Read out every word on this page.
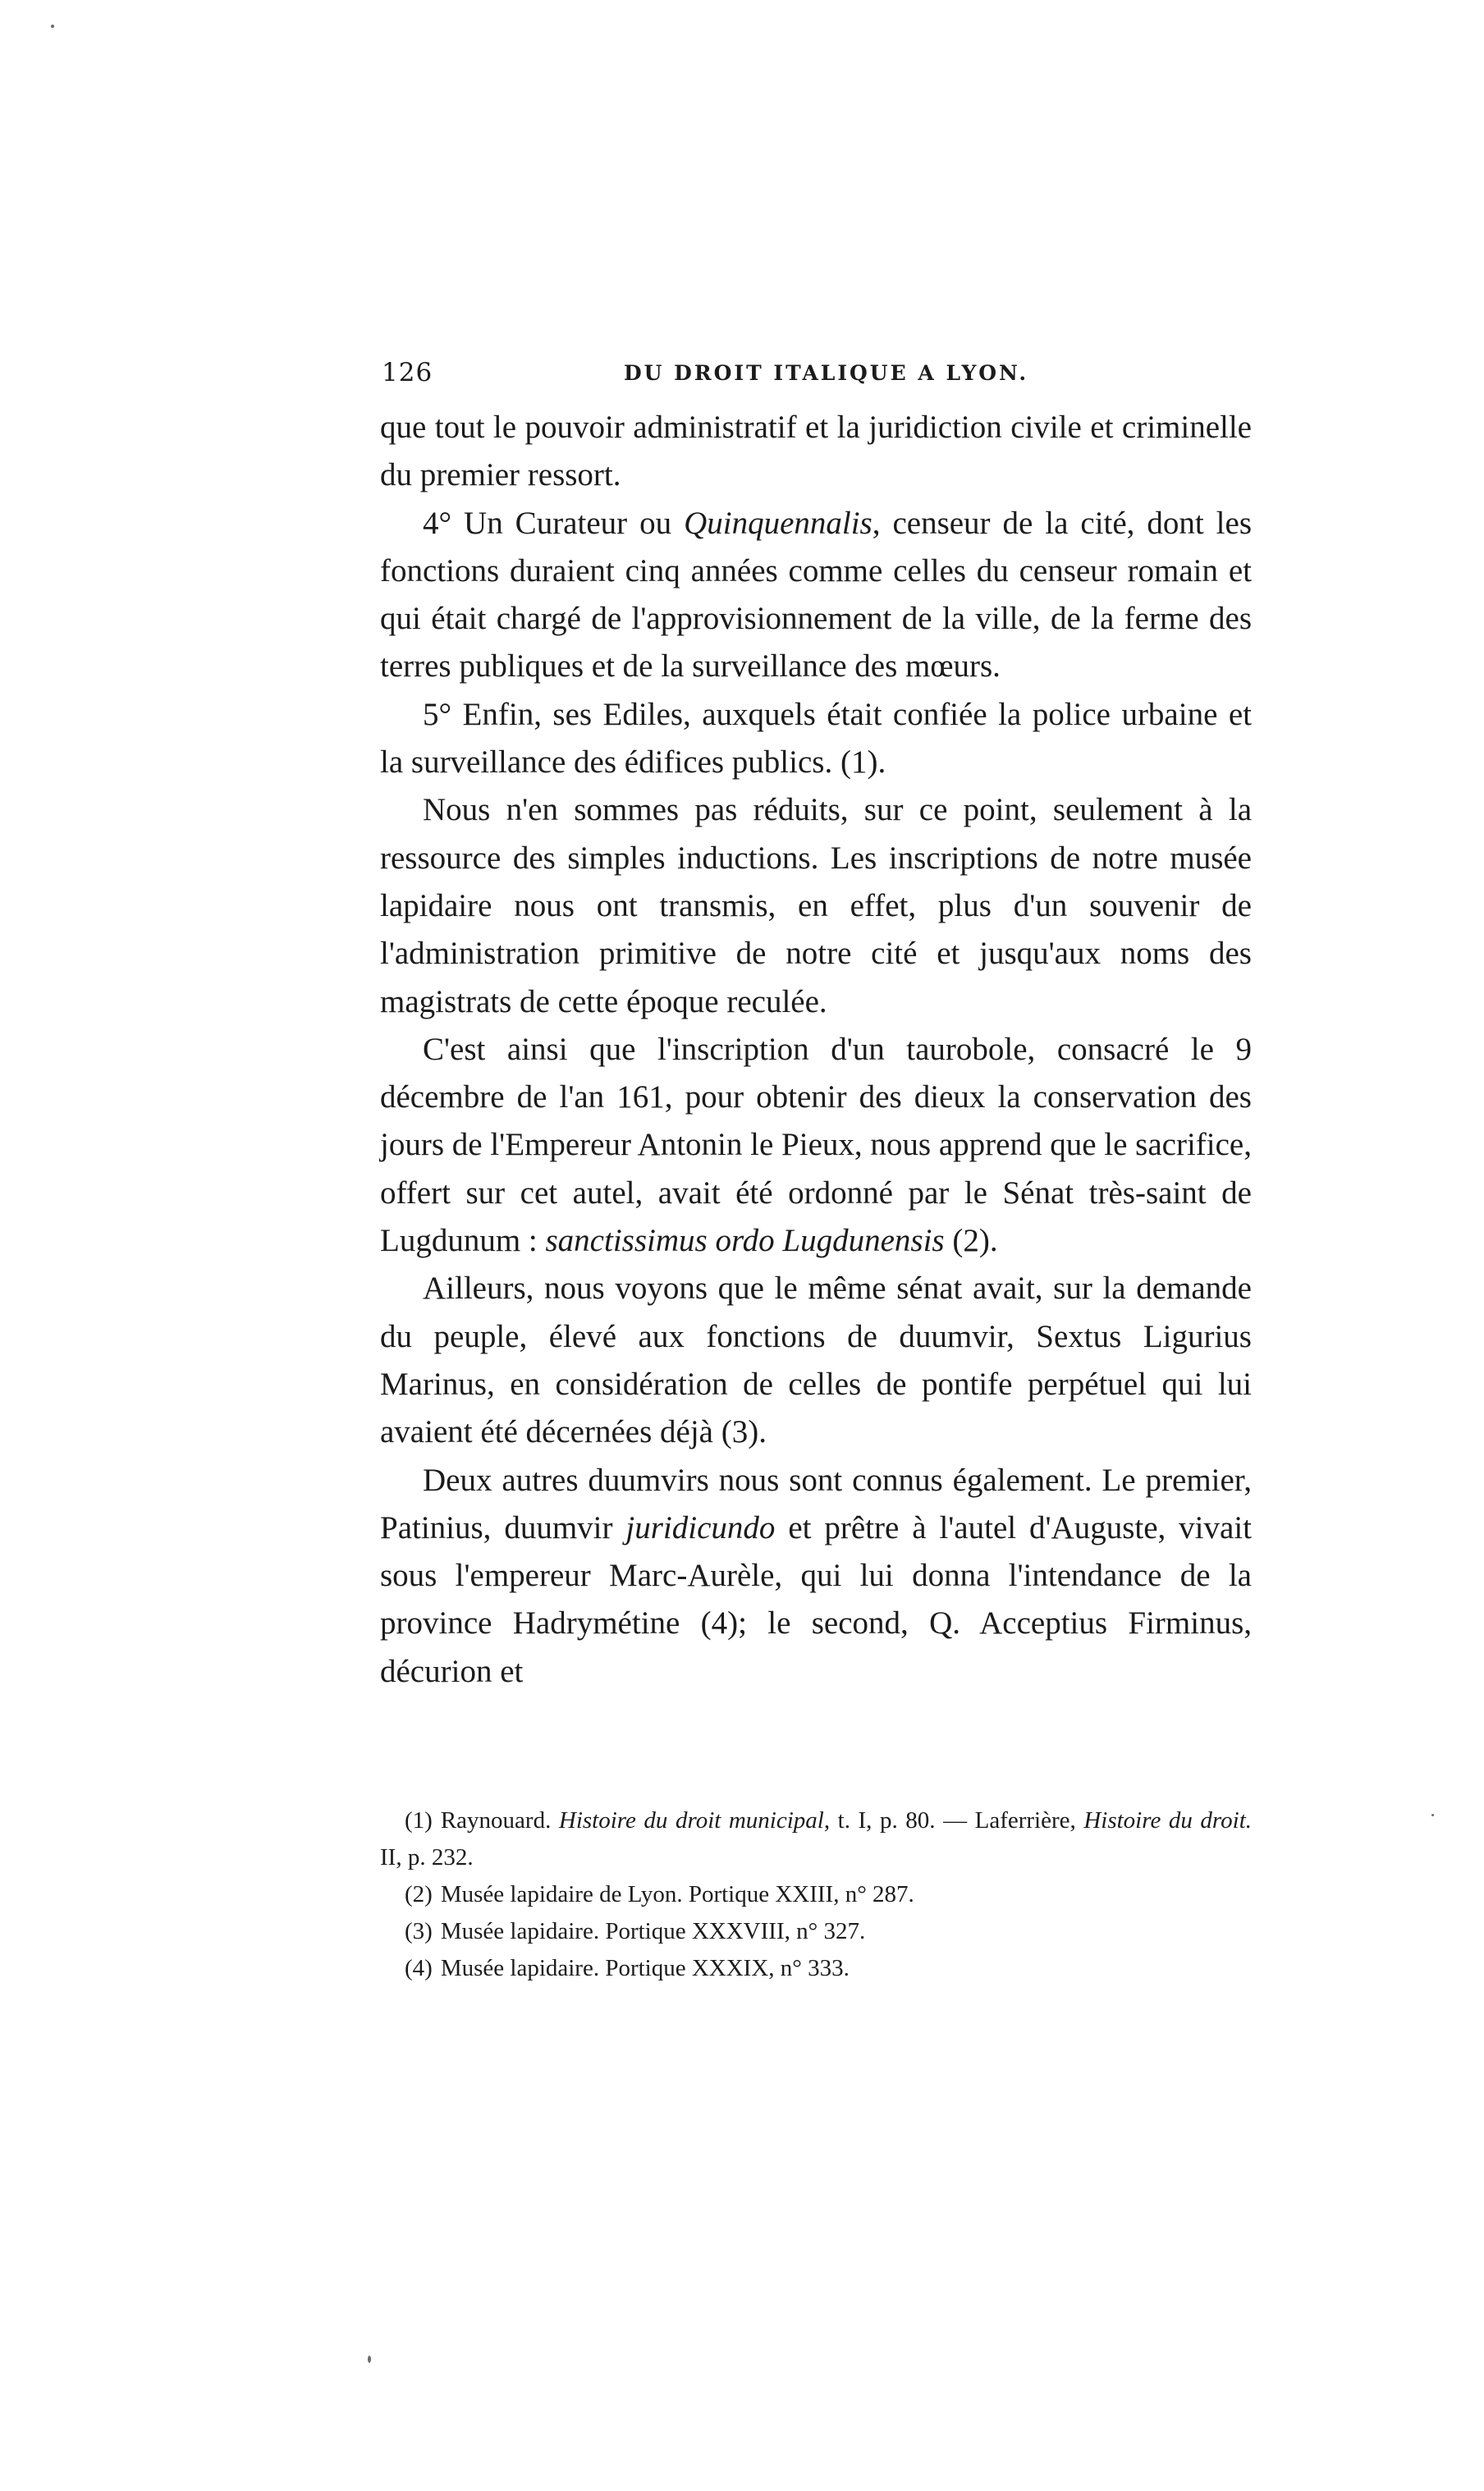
126	DU DROIT ITALIQUE A LYON.

que tout le pouvoir administratif et la juridiction civile et criminelle du premier ressort.

4° Un Curateur ou Quinquennalis, censeur de la cité, dont les fonctions duraient cinq années comme celles du censeur romain et qui était chargé de l'approvisionnement de la ville, de la ferme des terres publiques et de la surveillance des mœurs.

5° Enfin, ses Ediles, auxquels était confiée la police urbaine et la surveillance des édifices publics. (1).

Nous n'en sommes pas réduits, sur ce point, seulement à la ressource des simples inductions. Les inscriptions de notre musée lapidaire nous ont transmis, en effet, plus d'un souvenir de l'administration primitive de notre cité et jusqu'aux noms des magistrats de cette époque reculée.

C'est ainsi que l'inscription d'un taurobole, consacré le 9 décembre de l'an 161, pour obtenir des dieux la conservation des jours de l'Empereur Antonin le Pieux, nous apprend que le sacrifice, offert sur cet autel, avait été ordonné par le Sénat très-saint de Lugdunum : sanctissimus ordo Lugdunensis (2).

Ailleurs, nous voyons que le même sénat avait, sur la demande du peuple, élevé aux fonctions de duumvir, Sextus Ligurius Marinus, en considération de celles de pontife perpétuel qui lui avaient été décernées déjà (3).

Deux autres duumvirs nous sont connus également. Le premier, Patinius, duumvir juridicundo et prêtre à l'autel d'Auguste, vivait sous l'empereur Marc-Aurèle, qui lui donna l'intendance de la province Hadrymétine (4); le second, Q. Acceptius Firminus, décurion et

(1) Raynouard. Histoire du droit municipal, t. I, p. 80. — Laferrière, Histoire du droit. II, p. 232.

(2) Musée lapidaire de Lyon. Portique XXIII, n° 287.

(3) Musée lapidaire. Portique XXXVIII, n° 327.

(4) Musée lapidaire. Portique XXXIX, n° 333.
